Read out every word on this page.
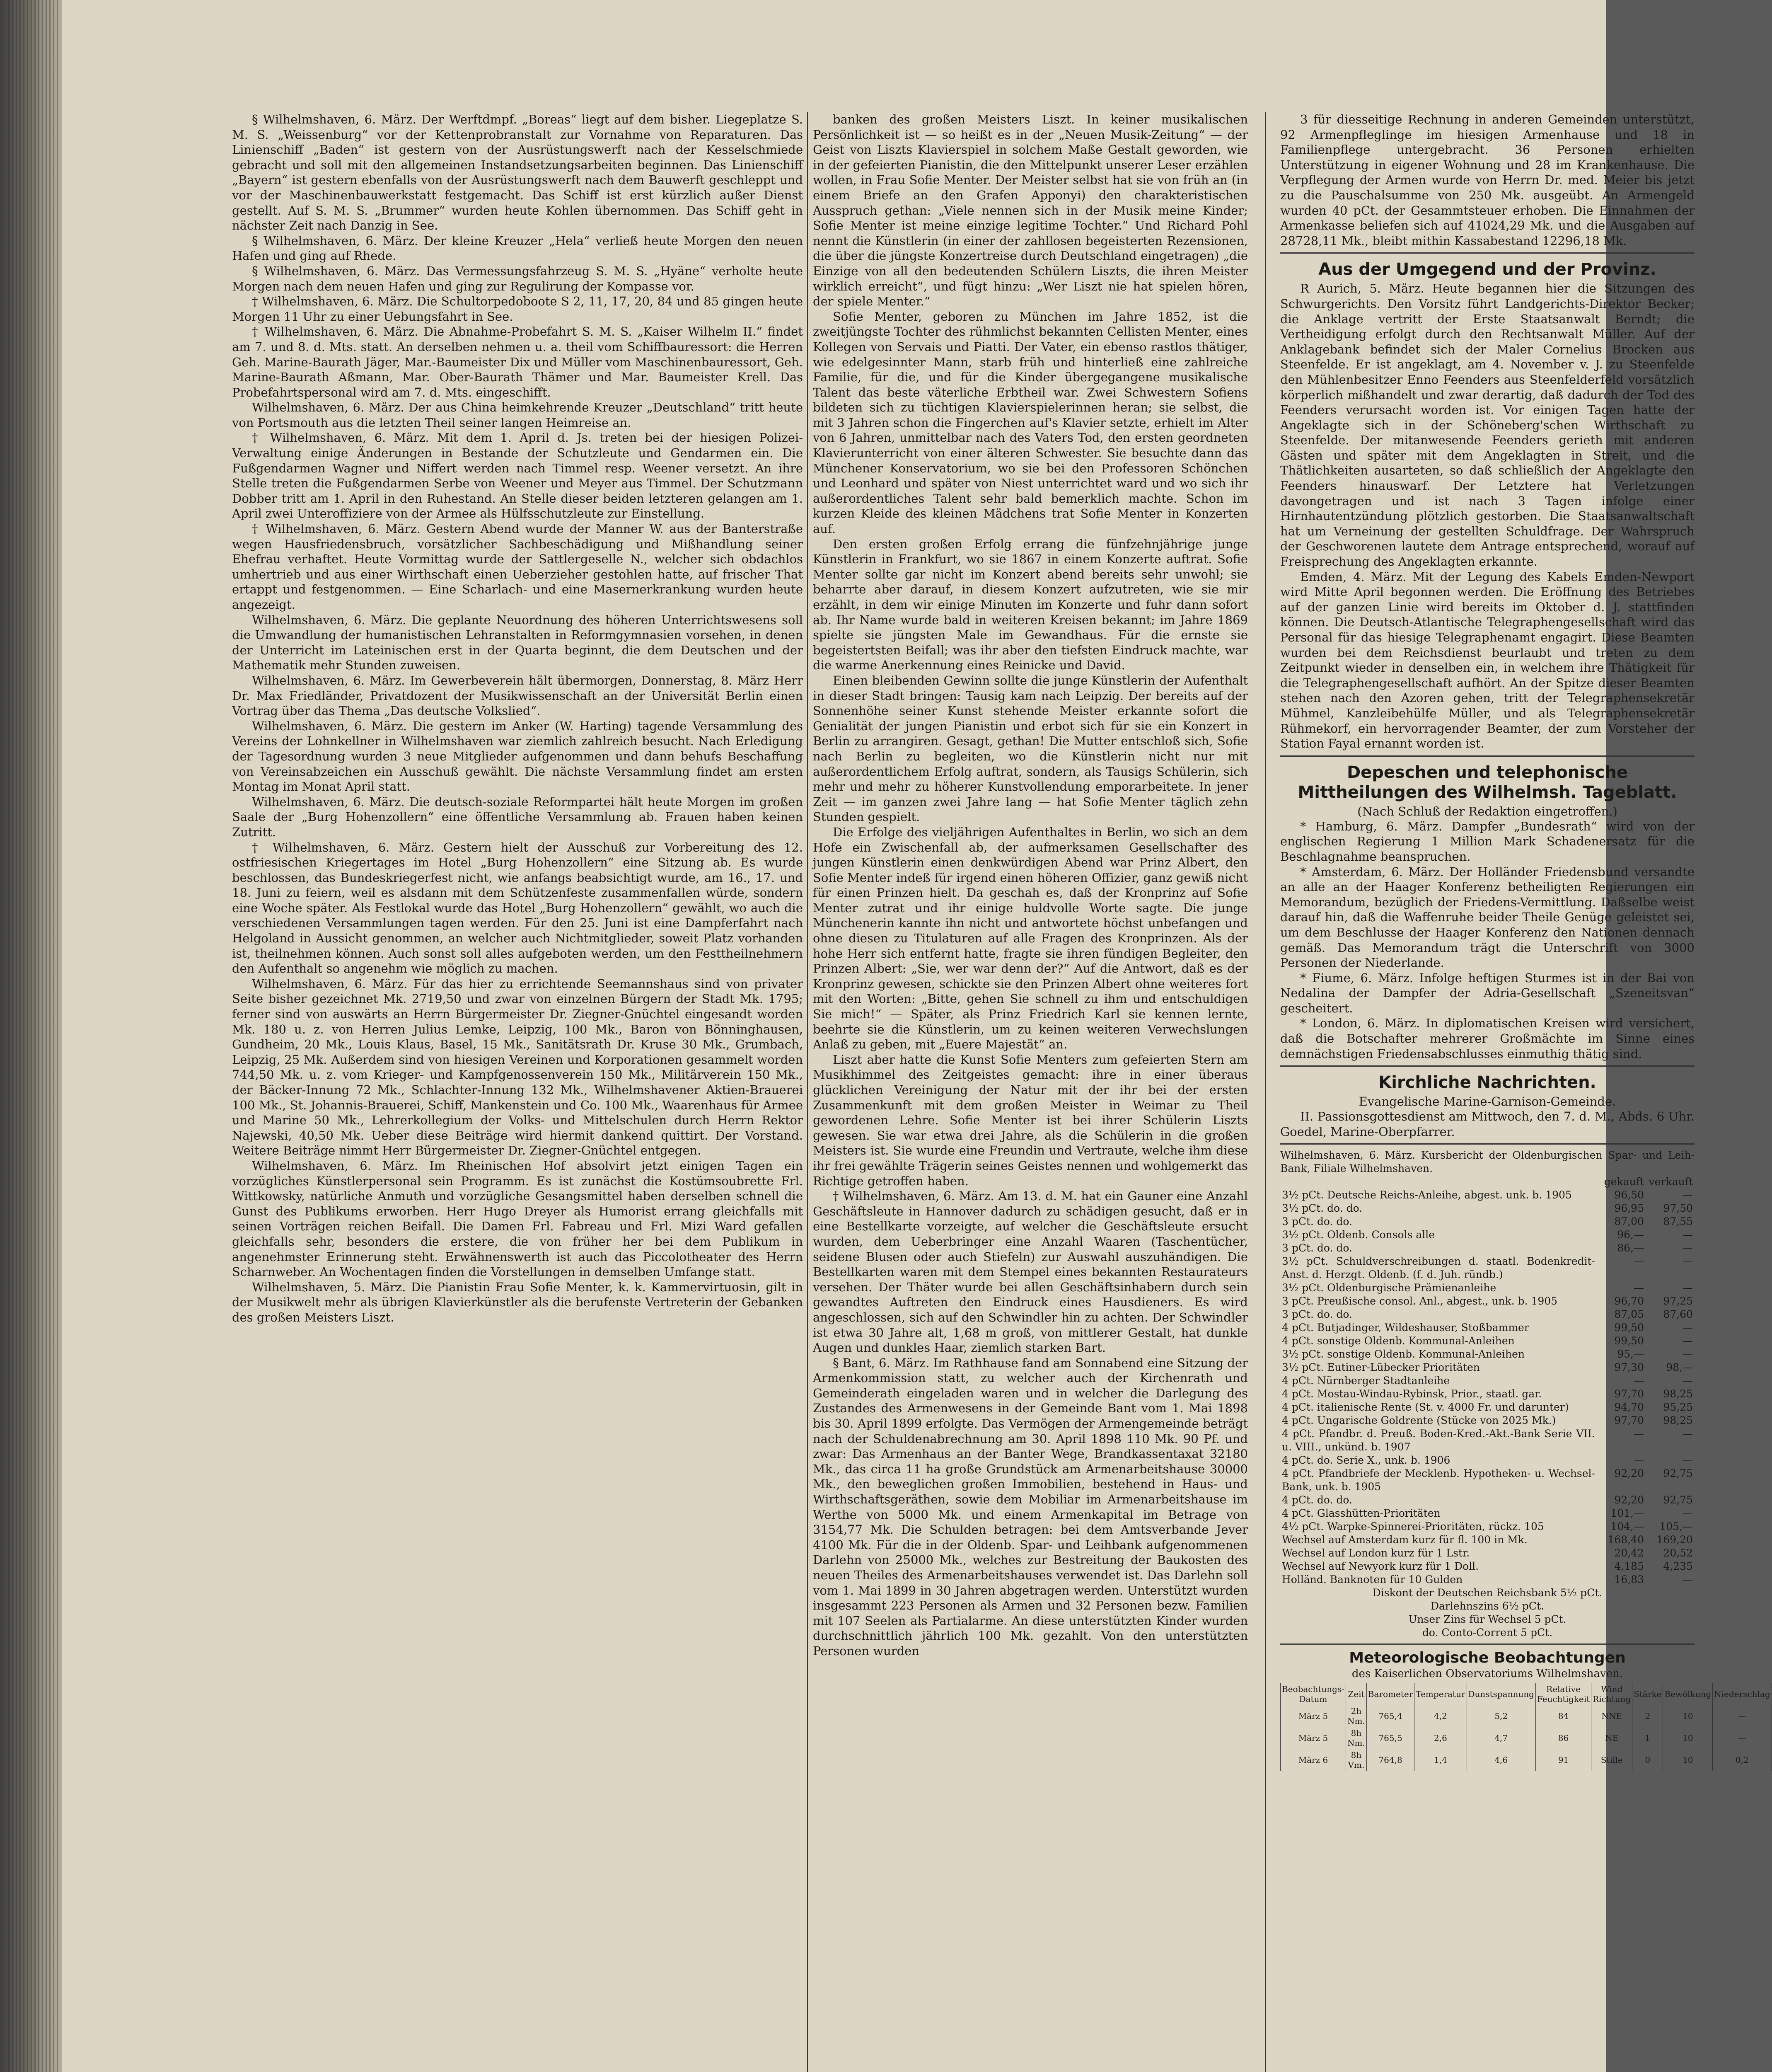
§ Wilhelmshaven, 6. März. Der Werftdmpf. „Boreas“ liegt auf dem bisher. Liegeplatze S. M. S. „Weissenburg“ vor der Kettenprobranstalt zur Vornahme von Reparaturen. Das Linienschiff „Baden“ ist gestern von der Ausrüstungswerft nach der Kesselschmiede gebracht und soll mit den allgemeinen Instandsetzungsarbeiten beginnen. Das Linienschiff „Bayern“ ist gestern ebenfalls von der Ausrüstungswerft nach dem Bauwerft geschleppt und vor der Maschinenbauwerkstatt festgemacht. Das Schiff ist erst kürzlich außer Dienst gestellt. Auf S. M. S. „Brummer“ wurden heute Kohlen übernommen. Das Schiff geht in nächster Zeit nach Danzig in See.

§ Wilhelmshaven, 6. März. Der kleine Kreuzer „Hela“ verließ heute Morgen den neuen Hafen und ging auf Rhede.

§ Wilhelmshaven, 6. März. Das Vermessungsfahrzeug S. M. S. „Hyäne“ verholte heute Morgen nach dem neuen Hafen und ging zur Regulirung der Kompasse vor.

† Wilhelmshaven, 6. März. Die Schultorpedoboote S 2, 11, 17, 20, 84 und 85 gingen heute Morgen 11 Uhr zu einer Uebungsfahrt in See.

† Wilhelmshaven, 6. März. Die Abnahme-Probefahrt S. M. S. „Kaiser Wilhelm II.“ findet am 7. und 8. d. Mts. statt. An derselben nehmen u. a. theil vom Schiffbauressort: die Herren Geh. Marine-Baurath Jäger, Mar.-Baumeister Dix und Müller vom Maschinenbauressort, Geh. Marine-Baurath Aßmann, Mar. Ober-Baurath Thämer und Mar. Baumeister Krell. Das Probefahrtspersonal wird am 7. d. Mts. eingeschifft.

Wilhelmshaven, 6. März. Der aus China heimkehrende Kreuzer „Deutschland“ tritt heute von Portsmouth aus die letzten Theil seiner langen Heimreise an.

† Wilhelmshaven, 6. März. Mit dem 1. April d. Js. treten bei der hiesigen Polizei-Verwaltung einige Änderungen in Bestande der Schutzleute und Gendarmen ein. Die Fußgendarmen Wagner und Niffert werden nach Timmel resp. Weener versetzt. An ihre Stelle treten die Fußgendarmen Serbe von Weener und Meyer aus Timmel. Der Schutzmann Dobber tritt am 1. April in den Ruhestand. An Stelle dieser beiden letzteren gelangen am 1. April zwei Unteroffiziere von der Armee als Hülfsschutzleute zur Einstellung.

† Wilhelmshaven, 6. März. Gestern Abend wurde der Manner W. aus der Banterstraße wegen Hausfriedensbruch, vorsätzlicher Sachbeschädigung und Mißhandlung seiner Ehefrau verhaftet. Heute Vormittag wurde der Sattlergeselle N., welcher sich obdachlos umhertrieb und aus einer Wirthschaft einen Ueberzieher gestohlen hatte, auf frischer That ertappt und festgenommen. — Eine Scharlach- und eine Masernerkrankung wurden heute angezeigt.

Wilhelmshaven, 6. März. Die geplante Neuordnung des höheren Unterrichtswesens soll die Umwandlung der humanistischen Lehranstalten in Reformgymnasien vorsehen, in denen der Unterricht im Lateinischen erst in der Quarta beginnt, die dem Deutschen und der Mathematik mehr Stunden zuweisen.

Wilhelmshaven, 6. März. Im Gewerbeverein hält übermorgen, Donnerstag, 8. März Herr Dr. Max Friedländer, Privatdozent der Musikwissenschaft an der Universität Berlin einen Vortrag über das Thema „Das deutsche Volkslied“.

Wilhelmshaven, 6. März. Die gestern im Anker (W. Harting) tagende Versammlung des Vereins der Lohnkellner in Wilhelmshaven war ziemlich zahlreich besucht. Nach Erledigung der Tagesordnung wurden 3 neue Mitglieder aufgenommen und dann behufs Beschaffung von Vereinsabzeichen ein Ausschuß gewählt. Die nächste Versammlung findet am ersten Montag im Monat April statt.

Wilhelmshaven, 6. März. Die deutsch-soziale Reformpartei hält heute Morgen im großen Saale der „Burg Hohenzollern“ eine öffentliche Versammlung ab. Frauen haben keinen Zutritt.

† Wilhelmshaven, 6. März. Gestern hielt der Ausschuß zur Vorbereitung des 12. ostfriesischen Kriegertages im Hotel „Burg Hohenzollern“ eine Sitzung ab. Es wurde beschlossen, das Bundeskriegerfest nicht, wie anfangs beabsichtigt wurde, am 16., 17. und 18. Juni zu feiern, weil es alsdann mit dem Schützenfeste zusammenfallen würde, sondern eine Woche später. Als Festlokal wurde das Hotel „Burg Hohenzollern“ gewählt, wo auch die verschiedenen Versammlungen tagen werden. Für den 25. Juni ist eine Dampferfahrt nach Helgoland in Aussicht genommen, an welcher auch Nichtmitglieder, soweit Platz vorhanden ist, theilnehmen können. Auch sonst soll alles aufgeboten werden, um den Festtheilnehmern den Aufenthalt so angenehm wie möglich zu machen.

Wilhelmshaven, 6. März. Für das hier zu errichtende Seemannshaus sind von privater Seite bisher gezeichnet Mk. 2719,50 und zwar von einzelnen Bürgern der Stadt Mk. 1795; ferner sind von auswärts an Herrn Bürgermeister Dr. Ziegner-Gnüchtel eingesandt worden Mk. 180 u. z. von Herren Julius Lemke, Leipzig, 100 Mk., Baron von Bönninghausen, Gundheim, 20 Mk., Louis Klaus, Basel, 15 Mk., Sanitätsrath Dr. Kruse 30 Mk., Grumbach, Leipzig, 25 Mk. Außerdem sind von hiesigen Vereinen und Korporationen gesammelt worden 744,50 Mk. u. z. vom Krieger- und Kampfgenossenverein 150 Mk., Militärverein 150 Mk., der Bäcker-Innung 72 Mk., Schlachter-Innung 132 Mk., Wilhelmshavener Aktien-Brauerei 100 Mk., St. Johannis-Brauerei, Schiff, Mankenstein und Co. 100 Mk., Waarenhaus für Armee und Marine 50 Mk., Lehrerkollegium der Volks- und Mittelschulen durch Herrn Rektor Najewski, 40,50 Mk. Ueber diese Beiträge wird hiermit dankend quittirt. Der Vorstand. Weitere Beiträge nimmt Herr Bürgermeister Dr. Ziegner-Gnüchtel entgegen.

Wilhelmshaven, 6. März. Im Rheinischen Hof absolvirt jetzt einigen Tagen ein vorzügliches Künstlerpersonal sein Programm. Es ist zunächst die Kostümsoubrette Frl. Wittkowsky, natürliche Anmuth und vorzügliche Gesangsmittel haben derselben schnell die Gunst des Publikums erworben. Herr Hugo Dreyer als Humorist errang gleichfalls mit seinen Vorträgen reichen Beifall. Die Damen Frl. Fabreau und Frl. Mizi Ward gefallen gleichfalls sehr, besonders die erstere, die von früher her bei dem Publikum in angenehmster Erinnerung steht. Erwähnenswerth ist auch das Piccolotheater des Herrn Scharnweber. An Wochentagen finden die Vorstellungen in demselben Umfange statt.

Wilhelmshaven, 5. März. Die Pianistin Frau Sofie Menter, k. k. Kammervirtuosin, gilt in der Musikwelt mehr als übrigen Klavierkünstler als die berufenste Vertreterin der Gebanken des großen Meisters Liszt.

banken des großen Meisters Liszt. In keiner musikalischen Persönlichkeit ist — so heißt es in der „Neuen Musik-Zeitung“ — der Geist von Liszts Klavierspiel in solchem Maße Gestalt geworden, wie in der gefeierten Pianistin, die den Mittelpunkt unserer Leser erzählen wollen, in Frau Sofie Menter. Der Meister selbst hat sie von früh an (in einem Briefe an den Grafen Apponyi) den charakteristischen Ausspruch gethan: „Viele nennen sich in der Musik meine Kinder; Sofie Menter ist meine einzige legitime Tochter.“ Und Richard Pohl nennt die Künstlerin (in einer der zahllosen begeisterten Rezensionen, die über die jüngste Konzertreise durch Deutschland eingetragen) „die Einzige von all den bedeutenden Schülern Liszts, die ihren Meister wirklich erreicht“, und fügt hinzu: „Wer Liszt nie hat spielen hören, der spiele Menter.“

Sofie Menter, geboren zu München im Jahre 1852, ist die zweitjüngste Tochter des rühmlichst bekannten Cellisten Menter, eines Kollegen von Servais und Piatti. Der Vater, ein ebenso rastlos thätiger, wie edelgesinnter Mann, starb früh und hinterließ eine zahlreiche Familie, für die, und für die Kinder übergegangene musikalische Talent das beste väterliche Erbtheil war. Zwei Schwestern Sofiens bildeten sich zu tüchtigen Klavierspielerinnen heran; sie selbst, die mit 3 Jahren schon die Fingerchen auf's Klavier setzte, erhielt im Alter von 6 Jahren, unmittelbar nach des Vaters Tod, den ersten geordneten Klavierunterricht von einer älteren Schwester. Sie besuchte dann das Münchener Konservatorium, wo sie bei den Professoren Schönchen und Leonhard und später von Niest unterrichtet ward und wo sich ihr außerordentliches Talent sehr bald bemerklich machte. Schon im kurzen Kleide des kleinen Mädchens trat Sofie Menter in Konzerten auf.

Den ersten großen Erfolg errang die fünfzehnjährige junge Künstlerin in Frankfurt, wo sie 1867 in einem Konzerte auftrat. Sofie Menter sollte gar nicht im Konzert abend bereits sehr unwohl; sie beharrte aber darauf, in diesem Konzert aufzutreten, wie sie mir erzählt, in dem wir einige Minuten im Konzerte und fuhr dann sofort ab. Ihr Name wurde bald in weiteren Kreisen bekannt; im Jahre 1869 spielte sie jüngsten Male im Gewandhaus. Für die ernste sie begeistertsten Beifall; was ihr aber den tiefsten Eindruck machte, war die warme Anerkennung eines Reinicke und David.

Einen bleibenden Gewinn sollte die junge Künstlerin der Aufenthalt in dieser Stadt bringen: Tausig kam nach Leipzig. Der bereits auf der Sonnenhöhe seiner Kunst stehende Meister erkannte sofort die Genialität der jungen Pianistin und erbot sich für sie ein Konzert in Berlin zu arrangiren. Gesagt, gethan! Die Mutter entschloß sich, Sofie nach Berlin zu begleiten, wo die Künstlerin nicht nur mit außerordentlichem Erfolg auftrat, sondern, als Tausigs Schülerin, sich mehr und mehr zu höherer Kunstvollendung emporarbeitete. In jener Zeit — im ganzen zwei Jahre lang — hat Sofie Menter täglich zehn Stunden gespielt.

Die Erfolge des vieljährigen Aufenthaltes in Berlin, wo sich an dem Hofe ein Zwischenfall ab, der aufmerksamen Gesellschafter des jungen Künstlerin einen denkwürdigen Abend war Prinz Albert, den Sofie Menter indeß für irgend einen höheren Offizier, ganz gewiß nicht für einen Prinzen hielt. Da geschah es, daß der Kronprinz auf Sofie Menter zutrat und ihr einige huldvolle Worte sagte. Die junge Münchenerin kannte ihn nicht und antwortete höchst unbefangen und ohne diesen zu Titulaturen auf alle Fragen des Kronprinzen. Als der hohe Herr sich entfernt hatte, fragte sie ihren fündigen Begleiter, den Prinzen Albert: „Sie, wer war denn der?“ Auf die Antwort, daß es der Kronprinz gewesen, schickte sie den Prinzen Albert ohne weiteres fort mit den Worten: „Bitte, gehen Sie schnell zu ihm und entschuldigen Sie mich!“ — Später, als Prinz Friedrich Karl sie kennen lernte, beehrte sie die Künstlerin, um zu keinen weiteren Verwechslungen Anlaß zu geben, mit „Euere Majestät“ an.

Liszt aber hatte die Kunst Sofie Menters zum gefeierten Stern am Musikhimmel des Zeitgeistes gemacht: ihre in einer überaus glücklichen Vereinigung der Natur mit der ihr bei der ersten Zusammenkunft mit dem großen Meister in Weimar zu Theil gewordenen Lehre. Sofie Menter ist bei ihrer Schülerin Liszts gewesen. Sie war etwa drei Jahre, als die Schülerin in die großen Meisters ist. Sie wurde eine Freundin und Vertraute, welche ihm diese ihr frei gewählte Trägerin seines Geistes nennen und wohlgemerkt das Richtige getroffen haben.

† Wilhelmshaven, 6. März. Am 13. d. M. hat ein Gauner eine Anzahl Geschäftsleute in Hannover dadurch zu schädigen gesucht, daß er in eine Bestellkarte vorzeigte, auf welcher die Geschäftsleute ersucht wurden, dem Ueberbringer eine Anzahl Waaren (Taschentücher, seidene Blusen oder auch Stiefeln) zur Auswahl auszuhändigen. Die Bestellkarten waren mit dem Stempel eines bekannten Restaurateurs versehen. Der Thäter wurde bei allen Geschäftsinhabern durch sein gewandtes Auftreten den Eindruck eines Hausdieners. Es wird angeschlossen, sich auf den Schwindler hin zu achten. Der Schwindler ist etwa 30 Jahre alt, 1,68 m groß, von mittlerer Gestalt, hat dunkle Augen und dunkles Haar, ziemlich starken Bart.

§ Bant, 6. März. Im Rathhause fand am Sonnabend eine Sitzung der Armenkommission statt, zu welcher auch der Kirchenrath und Gemeinderath eingeladen waren und in welcher die Darlegung des Zustandes des Armenwesens in der Gemeinde Bant vom 1. Mai 1898 bis 30. April 1899 erfolgte. Das Vermögen der Armengemeinde beträgt nach der Schuldenabrechnung am 30. April 1898 110 Mk. 90 Pf. und zwar: Das Armenhaus an der Banter Wege, Brandkassentaxat 32180 Mk., das circa 11 ha große Grundstück am Armenarbeitshause 30000 Mk., den beweglichen großen Immobilien, bestehend in Haus- und Wirthschaftsgeräthen, sowie dem Mobiliar im Armenarbeitshause im Werthe von 5000 Mk. und einem Armenkapital im Betrage von 3154,77 Mk. Die Schulden betragen: bei dem Amtsverbande Jever 4100 Mk. Für die in der Oldenb. Spar- und Leihbank aufgenommenen Darlehn von 25000 Mk., welches zur Bestreitung der Baukosten des neuen Theiles des Armenarbeitshauses verwendet ist. Das Darlehn soll vom 1. Mai 1899 in 30 Jahren abgetragen werden. Unterstützt wurden insgesammt 223 Personen als Armen und 32 Personen bezw. Familien mit 107 Seelen als Partialarme. An diese unterstützten Kinder wurden durchschnittlich jährlich 100 Mk. gezahlt. Von den unterstützten Personen wurden

3 für diesseitige Rechnung in anderen Gemeinden unterstützt, 92 Armenpfleglinge im hiesigen Armenhause und 18 in Familienpflege untergebracht. 36 Personen erhielten Unterstützung in eigener Wohnung und 28 im Krankenhause. Die Verpflegung der Armen wurde von Herrn Dr. med. Meier bis jetzt zu die Pauschalsumme von 250 Mk. ausgeübt. An Armengeld wurden 40 pCt. der Gesammtsteuer erhoben. Die Einnahmen der Armenkasse beliefen sich auf 41024,29 Mk. und die Ausgaben auf 28728,11 Mk., bleibt mithin Kassabestand 12296,18 Mk.

Aus der Umgegend und der Provinz.

R Aurich, 5. März. Heute begannen hier die Sitzungen des Schwurgerichts. Den Vorsitz führt Landgerichts-Direktor Becker; die Anklage vertritt der Erste Staatsanwalt Berndt; die Vertheidigung erfolgt durch den Rechtsanwalt Müller. Auf der Anklagebank befindet sich der Maler Cornelius Brocken aus Steenfelde. Er ist angeklagt, am 4. November v. J. zu Steenfelde den Mühlenbesitzer Enno Feenders aus Steenfelderfeld vorsätzlich körperlich mißhandelt und zwar derartig, daß dadurch der Tod des Feenders verursacht worden ist. Vor einigen Tagen hatte der Angeklagte sich in der Schöneberg'schen Wirthschaft zu Steenfelde. Der mitanwesende Feenders gerieth mit anderen Gästen und später mit dem Angeklagten in Streit, und die Thätlichkeiten ausarteten, so daß schließlich der Angeklagte den Feenders hinauswarf. Der Letztere hat Verletzungen davongetragen und ist nach 3 Tagen infolge einer Hirnhautentzündung plötzlich gestorben. Die Staatsanwaltschaft hat um Verneinung der gestellten Schuldfrage. Der Wahrspruch der Geschworenen lautete dem Antrage entsprechend, worauf auf Freisprechung des Angeklagten erkannte.

Emden, 4. März. Mit der Legung des Kabels Emden-Newport wird Mitte April begonnen werden. Die Eröffnung des Betriebes auf der ganzen Linie wird bereits im Oktober d. J. stattfinden können. Die Deutsch-Atlantische Telegraphengesellschaft wird das Personal für das hiesige Telegraphenamt engagirt. Diese Beamten wurden bei dem Reichsdienst beurlaubt und treten zu dem Zeitpunkt wieder in denselben ein, in welchem ihre Thätigkeit für die Telegraphengesellschaft aufhört. An der Spitze dieser Beamten stehen nach den Azoren gehen, tritt der Telegraphensekretär Mühmel, Kanzleibehülfe Müller, und als Telegraphensekretär Rühmekorf, ein hervorragender Beamter, der zum Vorsteher der Station Fayal ernannt worden ist.

Depeschen und telephonische Mittheilungen des Wilhelmsh. Tageblatt.
(Nach Schluß der Redaktion eingetroffen.)

* Hamburg, 6. März. Dampfer „Bundesrath“ wird von der englischen Regierung 1 Million Mark Schadenersatz für die Beschlagnahme beanspruchen.

* Amsterdam, 6. März. Der Holländer Friedensbund versandte an alle an der Haager Konferenz betheiligten Regierungen ein Memorandum, bezüglich der Friedens-Vermittlung. Daßselbe weist darauf hin, daß die Waffenruhe beider Theile Genüge geleistet sei, um dem Beschlusse der Haager Konferenz den Nationen dennach gemäß. Das Memorandum trägt die Unterschrift von 3000 Personen der Niederlande.

* Fiume, 6. März. Infolge heftigen Sturmes ist in der Bai von Nedalina der Dampfer der Adria-Gesellschaft „Szeneitsvan“ gescheitert.

* London, 6. März. In diplomatischen Kreisen wird versichert, daß die Botschafter mehrerer Großmächte im Sinne eines demnächstigen Friedensabschlusses einmuthig thätig sind.

Kirchliche Nachrichten.
Evangelische Marine-Garnison-Gemeinde.

II. Passionsgottesdienst am Mittwoch, den 7. d. M., Abds. 6 Uhr. Goedel, Marine-Oberpfarrer.

Wilhelmshaven, 6. März. Kursbericht der Oldenburgischen Spar- und Leih-Bank, Filiale Wilhelmshaven.
	gekauft	verkauft
3½ pCt. Deutsche Reichs-Anleihe, abgest. unk. b. 1905	96,50	—
3½ pCt. do. do.	96,95	97,50
3 pCt. do. do.	87,00	87,55
3½ pCt. Oldenb. Consols alle	96,—	—
3 pCt. do. do.	86,—	—
3½ pCt. Schuldverschreibungen d. staatl. Bodenkredit-Anst. d. Herzgt. Oldenb. (f. d. Juh. ründb.)	—	—
3½ pCt. Oldenburgische Prämienanleihe	—	—
3 pCt. Preußische consol. Anl., abgest., unk. b. 1905	96,70	97,25
3 pCt. do. do.	87,05	87,60
4 pCt. Butjadinger, Wildeshauser, Stoßbammer	99,50	—
4 pCt. sonstige Oldenb. Kommunal-Anleihen	99,50	—
3½ pCt. sonstige Oldenb. Kommunal-Anleihen	95,—	—
3½ pCt. Eutiner-Lübecker Prioritäten	97,30	98,—
4 pCt. Nürnberger Stadtanleihe	—	—
4 pCt. Mostau-Windau-Rybinsk, Prior., staatl. gar.	97,70	98,25
4 pCt. italienische Rente (St. v. 4000 Fr. und darunter)	94,70	95,25
4 pCt. Ungarische Goldrente (Stücke von 2025 Mk.)	97,70	98,25
4 pCt. Pfandbr. d. Preuß. Boden-Kred.-Akt.-Bank Serie VII. u. VIII., unkünd. b. 1907	—	—
4 pCt. do. Serie X., unk. b. 1906	—	—
4 pCt. Pfandbriefe der Mecklenb. Hypotheken- u. Wechsel-Bank, unk. b. 1905	92,20	92,75
4 pCt. do. do.	92,20	92,75
4 pCt. Glasshütten-Prioritäten	101,—	—
4½ pCt. Warpke-Spinnerei-Prioritäten, rückz. 105	104,—	105,—
Wechsel auf Amsterdam kurz für fl. 100 in Mk.	168,40	169,20
Wechsel auf London kurz für 1 Lstr.	20,42	20,52
Wechsel auf Newyork kurz für 1 Doll.	4,185	4,235
Holländ. Banknoten für 10 Gulden	16,83	—
Diskont der Deutschen Reichsbank 5½ pCt.
Darlehnszins 6½ pCt.
Unser Zins für Wechsel 5 pCt.
do. Conto-Corrent 5 pCt.
Meteorologische Beobachtungen
des Kaiserlichen Observatoriums Wilhelmshaven.
Beobachtungs-Datum	Zeit	Barometer	Temperatur	Dunstspannung	Relative Feuchtigkeit	Wind Richtung	Stärke	Bewölkung	Niederschlag
März 5	2h Nm.	765,4	4,2	5,2	84	NNE	2	10	—
März 5	8h Nm.	765,5	2,6	4,7	86	NE	1	10	—
März 6	8h Vm.	764,8	1,4	4,6	91	Stille	0	10	0,2
